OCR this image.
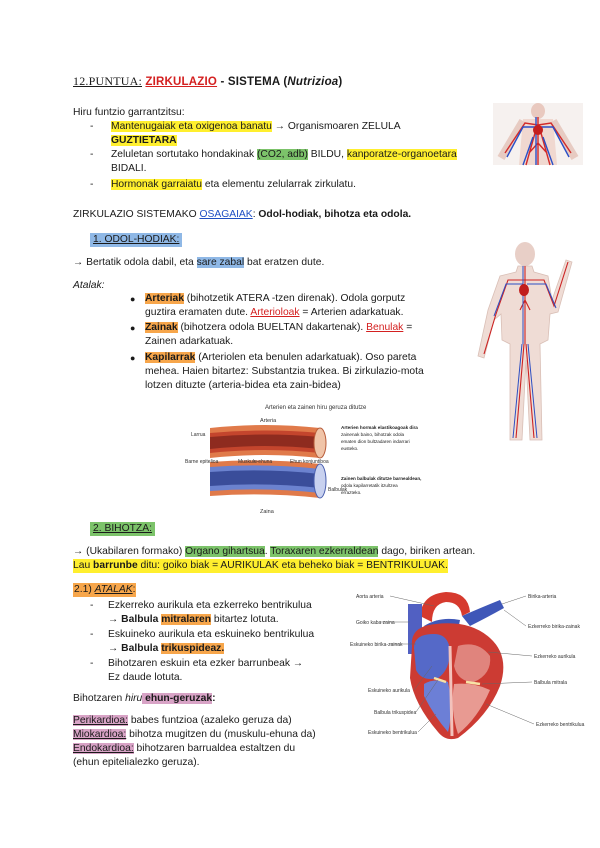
12.PUNTUA: ZIRKULAZIO - SISTEMA (Nutrizioa)
Hiru funtzio garrantzitsu:
- Mantenugaiak eta oxigenoa banatu → Organismoaren ZELULA
GUZTIETARA
- Zeluletan sortutako hondakinak (CO2, adb) BILDU, kanporatze-organoetara
BIDALI.
- Hormonak garraiatu eta elementu zelularrak zirkulatu.
ZIRKULAZIO SISTEMAKO OSAGAIAK: Odol-hodiak, bihotza eta odola.
1. ODOL-HODIAK:
→ Bertatik odola dabil, eta sare zabal bat eratzen dute.
Atalak:
● Arteriak (bihotzetik ATERA -tzen direnak). Odola gorputz
guztira eramaten dute. Arterioloak = Arterien adarkatuak.
● Zainak (bihotzera odola BUELTAN dakartenak). Benulak =
Zainen adarkatuak.
● Kapilarrak (Arteriolen eta benulen adarkatuak). Oso pareta
mehea. Haien bitartez: Substantzia trukea. Bi zirkulazio-mota
lotzen dituzte (arteria-bidea eta zain-bidea)
Arterien eta zainen hiru geruza ditutze
Arteria
Barne epitelioa	Muskulu-ehuna	Ehun konjuntiboa
Balbulak
Zaina
Larrua
Arterien hormak elastikoagoak dira
zainenak baino, bihotzak odola
ematen dion bultzadaren indarrari
eusteko.
Zainen balbulak ditutze barnealdean,
odola kapilarretatik itzultzea
errazteko.
2. BIHOTZA:
→ (Ukabilaren formako) Organo gihartsua. Toraxaren ezkerraldean dago, biriken artean.
Lau barrunbe ditu: goiko biak = AURIKULAK eta beheko biak = BENTRIKULUAK.
2.1) ATALAK:
- Ezkerreko aurikula eta ezkerreko bentrikulua
→ Balbula mitralaren bitartez lotuta.
- Eskuineko aurikula eta eskuineko bentrikulua
→ Balbula trikuspideaz.
- Bihotzaren eskuin eta ezker barrunbeak →
Ez daude lotuta.
Bihotzaren hiru ehun-geruzak:
Perikardioa: babes funtzioa (azaleko geruza da)
Miokardioa: bihotza mugitzen du (muskulu-ehuna da)
Endokardioa: bihotzaren barrualdea estaltzen du
(ehun epitelialezko geruza).
Aorta arteria
Goiko kaba zaina
Eskuineko birika-zainak
Eskuineko aurikula
Balbula trikuspidea
Eskuineko bentrikulua
Birika-arteria
Ezkerreko birika-zainak
Ezkerreko aurikula
Balbula mitrala
Ezkerreko bentrikulua
